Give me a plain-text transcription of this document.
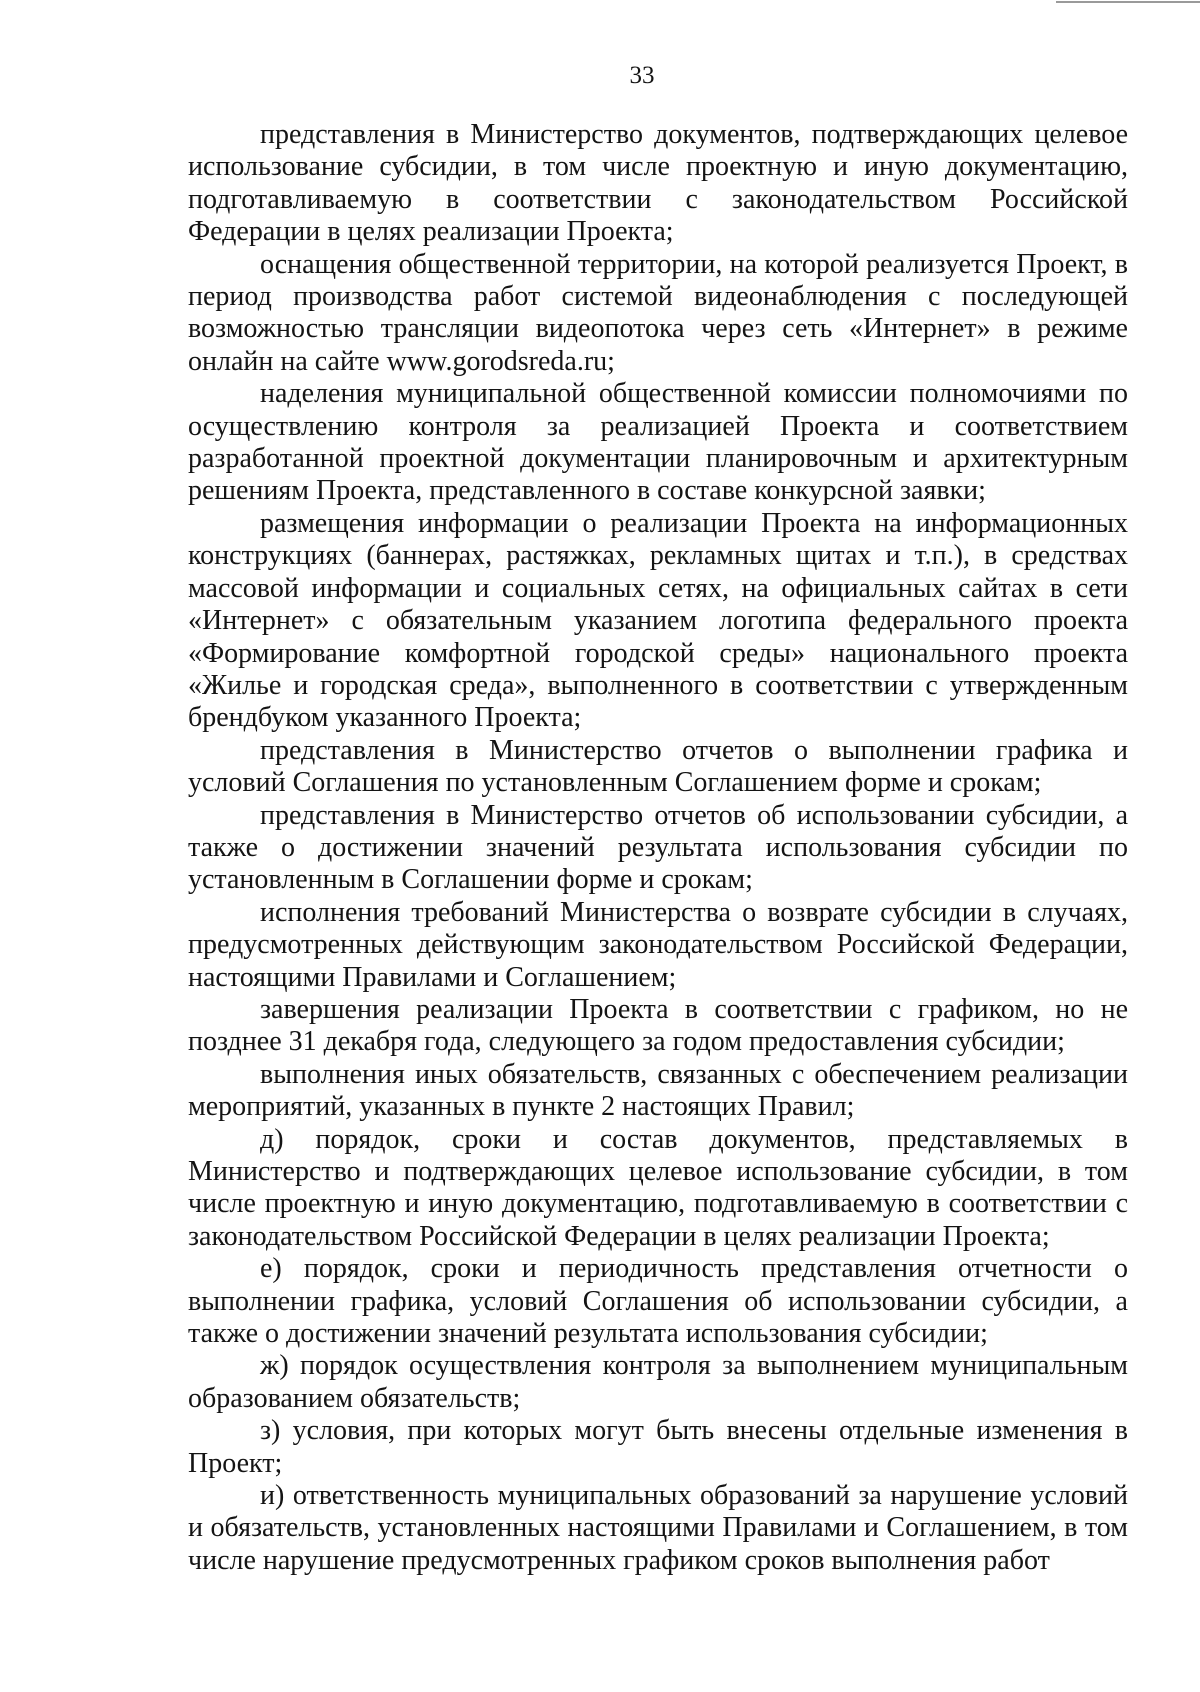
33

представления в Министерство документов, подтверждающих целевое использование субсидии, в том числе проектную и иную документацию, подготавливаемую в соответствии с законодательством Российской Федерации в целях реализации Проекта;

оснащения общественной территории, на которой реализуется Проект, в период производства работ системой видеонаблюдения с последующей возможностью трансляции видеопотока через сеть «Интернет» в режиме онлайн на сайте www.gorodsreda.ru;

наделения муниципальной общественной комиссии полномочиями по осуществлению контроля за реализацией Проекта и соответствием разработанной проектной документации планировочным и архитектурным решениям Проекта, представленного в составе конкурсной заявки;

размещения информации о реализации Проекта на информационных конструкциях (баннерах, растяжках, рекламных щитах и т.п.), в средствах массовой информации и социальных сетях, на официальных сайтах в сети «Интернет» с обязательным указанием логотипа федерального проекта «Формирование комфортной городской среды» национального проекта «Жилье и городская среда», выполненного в соответствии с утвержденным брендбуком указанного Проекта;

представления в Министерство отчетов о выполнении графика и условий Соглашения по установленным Соглашением форме и срокам;

представления в Министерство отчетов об использовании субсидии, а также о достижении значений результата использования субсидии по установленным в Соглашении форме и срокам;

исполнения требований Министерства о возврате субсидии в случаях, предусмотренных действующим законодательством Российской Федерации, настоящими Правилами и Соглашением;

завершения реализации Проекта в соответствии с графиком, но не позднее 31 декабря года, следующего за годом предоставления субсидии;

выполнения иных обязательств, связанных с обеспечением реализации мероприятий, указанных в пункте 2 настоящих Правил;

д) порядок, сроки и состав документов, представляемых в Министерство и подтверждающих целевое использование субсидии, в том числе проектную и иную документацию, подготавливаемую в соответствии с законодательством Российской Федерации в целях реализации Проекта;

е) порядок, сроки и периодичность представления отчетности о выполнении графика, условий Соглашения об использовании субсидии, а также о достижении значений результата использования субсидии;

ж) порядок осуществления контроля за выполнением муниципальным образованием обязательств;

з) условия, при которых могут быть внесены отдельные изменения в Проект;

и) ответственность муниципальных образований за нарушение условий и обязательств, установленных настоящими Правилами и Соглашением, в том числе нарушение предусмотренных графиком сроков выполнения работ
